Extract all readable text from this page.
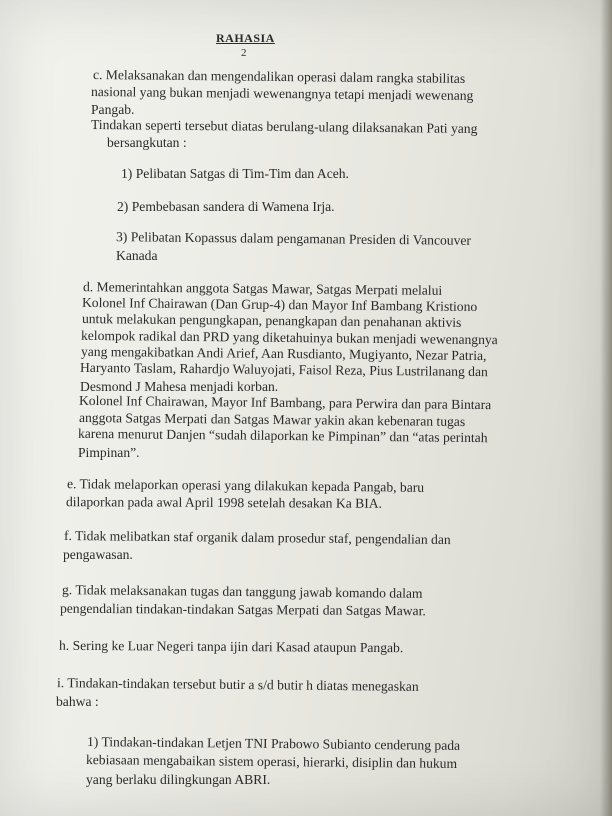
RAHASIA
2
c. Melaksanakan dan mengendalikan operasi dalam rangka stabilitas
nasional yang bukan menjadi wewenangnya tetapi menjadi wewenang
Pangab.
Tindakan seperti tersebut diatas berulang-ulang dilaksanakan Pati yang
bersangkutan :
1) Pelibatan Satgas di Tim-Tim dan Aceh.
2) Pembebasan sandera di Wamena Irja.
3) Pelibatan Kopassus dalam pengamanan Presiden di Vancouver
Kanada
d. Memerintahkan anggota Satgas Mawar, Satgas Merpati melalui
Kolonel Inf Chairawan (Dan Grup-4) dan Mayor Inf Bambang Kristiono
untuk melakukan pengungkapan, penangkapan dan penahanan aktivis
kelompok radikal dan PRD yang diketahuinya bukan menjadi wewenangnya
yang mengakibatkan Andi Arief, Aan Rusdianto, Mugiyanto, Nezar Patria,
Haryanto Taslam, Rahardjo Waluyojati, Faisol Reza, Pius Lustrilanang dan
Desmond J Mahesa menjadi korban.
Kolonel Inf Chairawan, Mayor Inf Bambang, para Perwira dan para Bintara
anggota Satgas Merpati dan Satgas Mawar yakin akan kebenaran tugas
karena menurut Danjen “sudah dilaporkan ke Pimpinan” dan “atas perintah
Pimpinan”.
e. Tidak melaporkan operasi yang dilakukan kepada Pangab, baru
dilaporkan pada awal April 1998 setelah desakan Ka BIA.
f. Tidak melibatkan staf organik dalam prosedur staf, pengendalian dan
pengawasan.
g. Tidak melaksanakan tugas dan tanggung jawab komando dalam
pengendalian tindakan-tindakan Satgas Merpati dan Satgas Mawar.
h. Sering ke Luar Negeri tanpa ijin dari Kasad ataupun Pangab.
i. Tindakan-tindakan tersebut butir a s/d butir h diatas menegaskan
bahwa :
1) Tindakan-tindakan Letjen TNI Prabowo Subianto cenderung pada
kebiasaan mengabaikan sistem operasi, hierarki, disiplin dan hukum
yang berlaku dilingkungan ABRI.
